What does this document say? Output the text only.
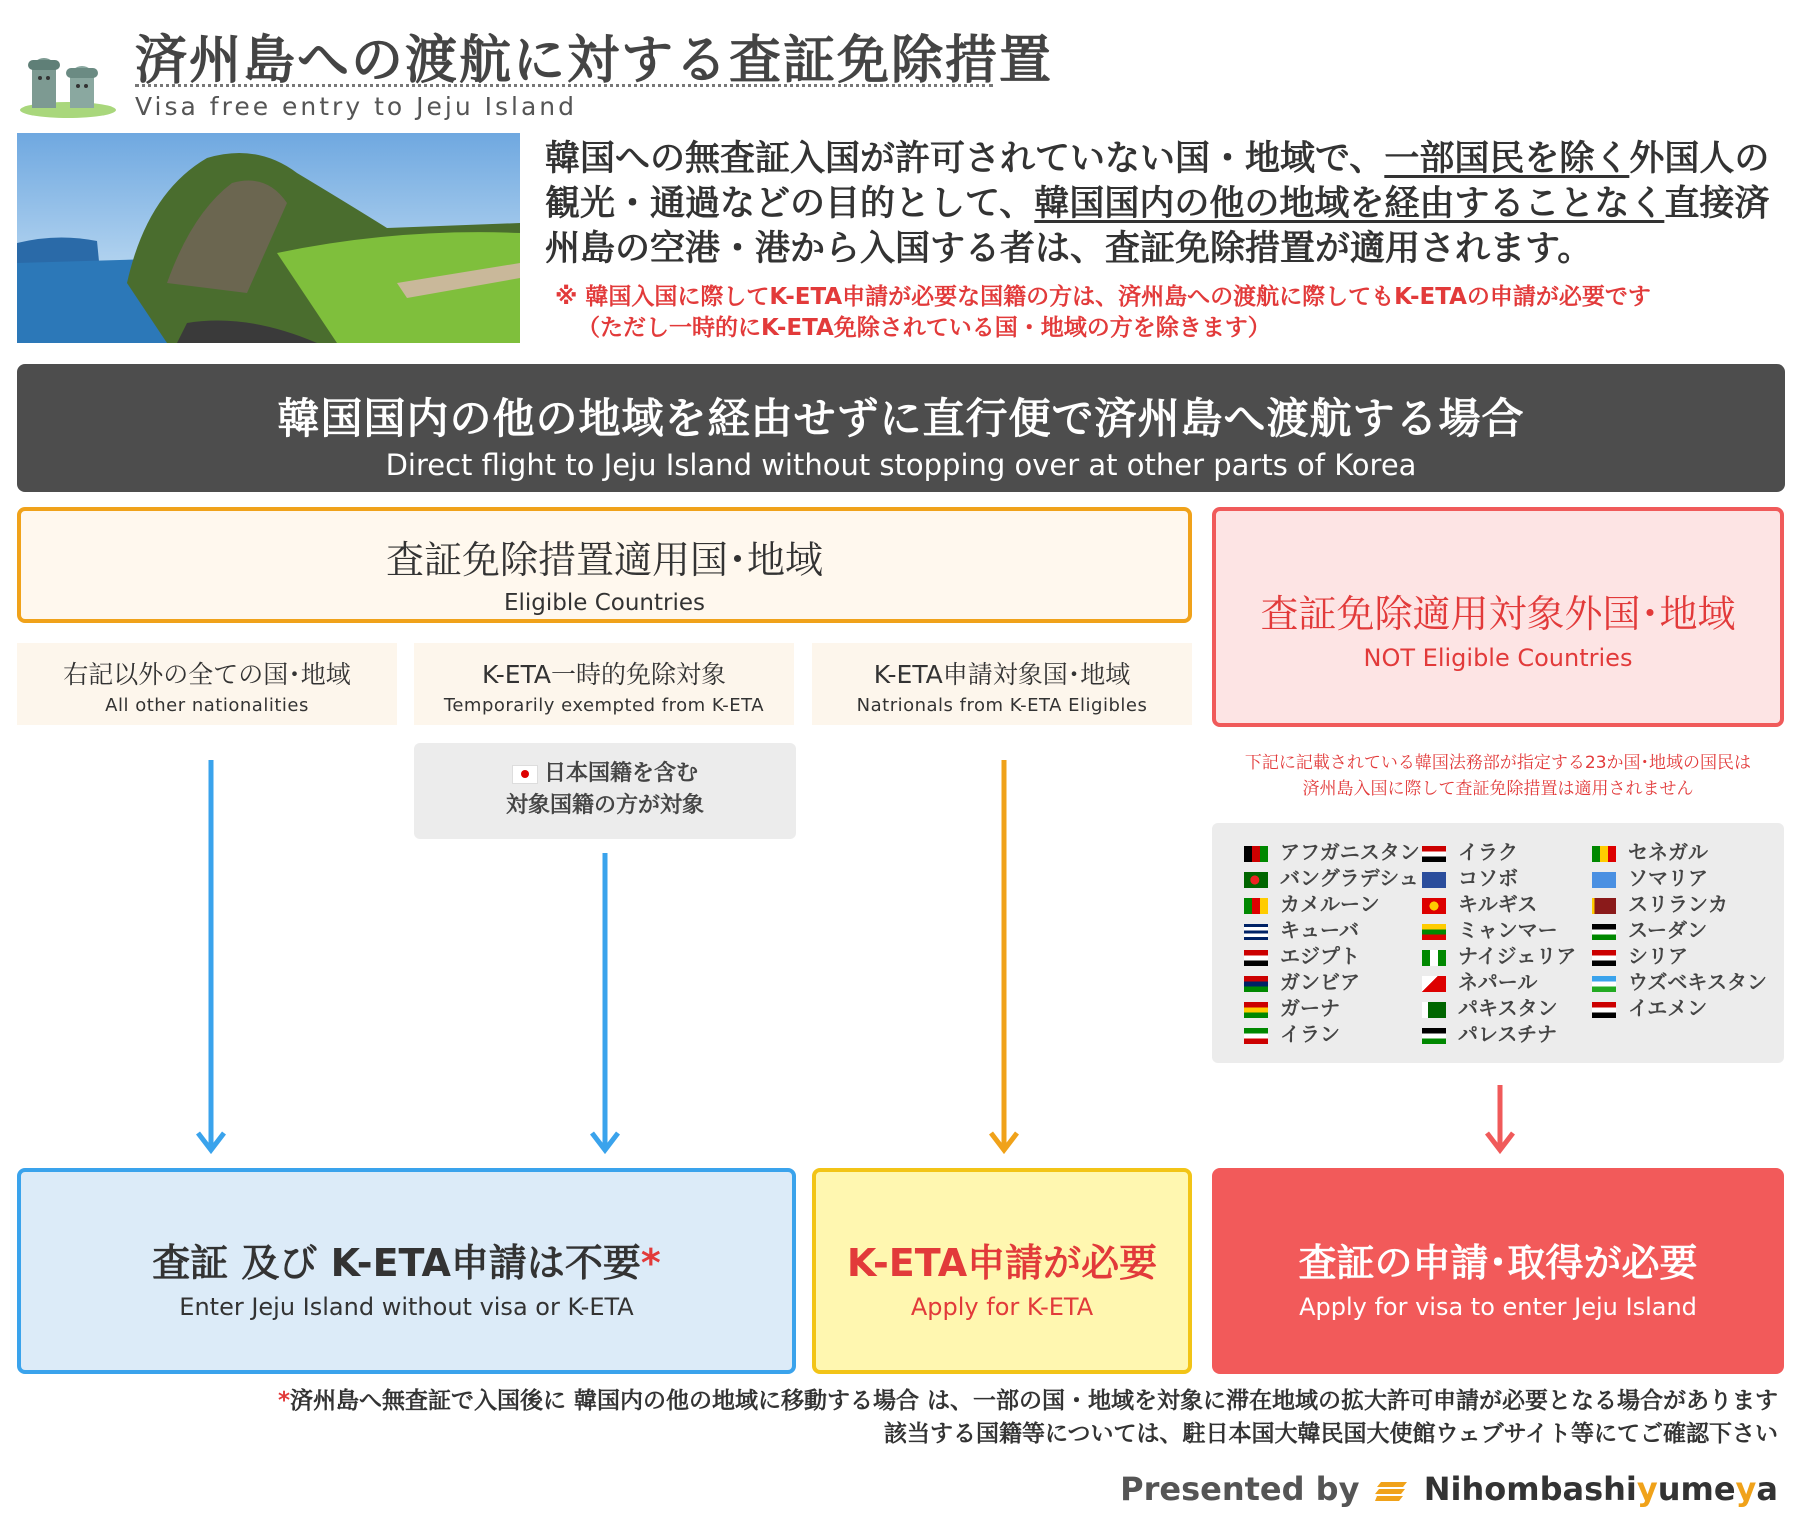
済州島への渡航に対する査証免除措置
Visa free entry to Jeju Island
韓国への無査証入国が許可されていない国・地域で、一部国民を除く外国人の観光・通過などの目的として、韓国国内の他の地域を経由することなく直接済州島の空港・港から入国する者は、査証免除措置が適用されます。
※ 韓国入国に際してK-ETA申請が必要な国籍の方は、済州島への渡航に際してもK-ETAの申請が必要です
（ただし一時的にK-ETA免除されている国・地域の方を除きます）
韓国国内の他の地域を経由せずに直行便で済州島へ渡航する場合
Direct flight to Jeju Island without stopping over at other parts of Korea
査証免除措置適用国･地域
Eligible Countries	査証免除適用対象外国･地域
NOT Eligible Countries
右記以外の全ての国･地域
All other nationalities
K-ETA一時的免除対象
Temporarily exempted from K-ETA
K-ETA申請対象国･地域
Natrionals from K-ETA Eligibles
日本国籍を含む
対象国籍の方が対象
下記に記載されている韓国法務部が指定する23か国･地域の国民は
済州島入国に際して査証免除措置は適用されません
アフガニスタン
バングラデシュ
カメルーン
キューバ
エジプト
ガンビア
ガーナ
イラン
イラク
コソボ
キルギス
ミャンマー
ナイジェリア
ネパール
パキスタン
パレスチナ
セネガル
ソマリア
スリランカ
スーダン
シリア
ウズベキスタン
イエメン
査証 及び K-ETA申請は不要*
Enter Jeju Island without visa or K-ETA
K-ETA申請が必要
Apply for K-ETA
査証の申請･取得が必要
Apply for visa to enter Jeju Island
*済州島へ無査証で入国後に 韓国内の他の地域に移動する場合 は、一部の国・地域を対象に滞在地域の拡大許可申請が必要となる場合があります
該当する国籍等については、駐日本国大韓民国大使館ウェブサイト等にてご確認下さい
Presented by Nihombashiyumeya
